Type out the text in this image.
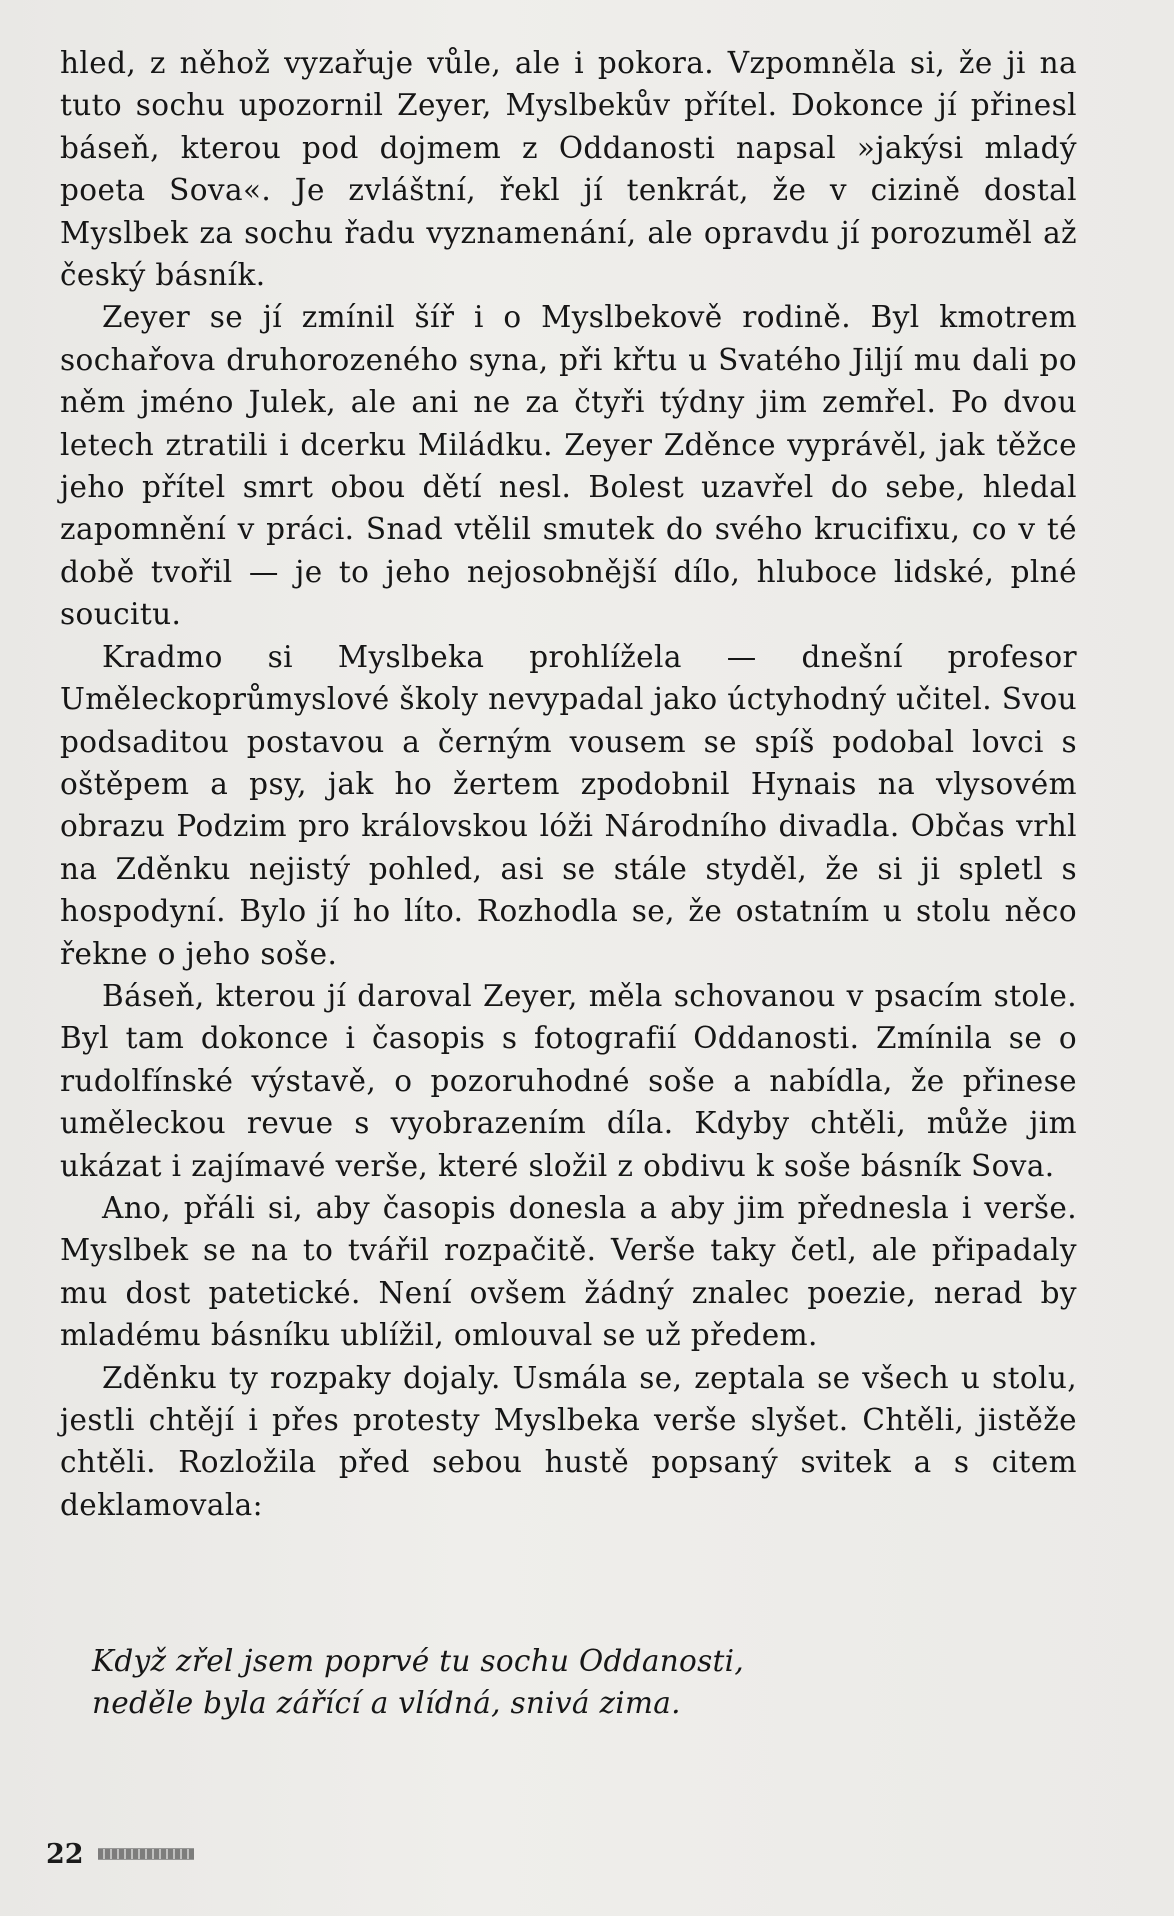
hled, z něhož vyzařuje vůle, ale i pokora. Vzpomněla si, že ji na tuto sochu upozornil Zeyer, Myslbekův přítel. Dokonce jí přinesl báseň, kterou pod dojmem z Oddanosti napsal »jakýsi mladý poeta Sova«. Je zvláštní, řekl jí tenkrát, že v cizině dostal Myslbek za sochu řadu vyznamenání, ale opravdu jí porozuměl až český básník.

Zeyer se jí zmínil šíř i o Myslbekově rodině. Byl kmotrem sochařova druhorozeného syna, při křtu u Svatého Jiljí mu dali po něm jméno Julek, ale ani ne za čtyři týdny jim zemřel. Po dvou letech ztratili i dcerku Miládku. Zeyer Zděnce vyprávěl, jak těžce jeho přítel smrt obou dětí nesl. Bolest uzavřel do sebe, hledal zapomnění v práci. Snad vtělil smutek do svého krucifixu, co v té době tvořil — je to jeho nejosobnější dílo, hluboce lidské, plné soucitu.

Kradmo si Myslbeka prohlížela — dnešní profesor Uměleckoprůmyslové školy nevypadal jako úctyhodný učitel. Svou podsaditou postavou a černým vousem se spíš podobal lovci s oštěpem a psy, jak ho žertem zpodobnil Hynais na vlysovém obrazu Podzim pro královskou lóži Národního divadla. Občas vrhl na Zděnku nejistý pohled, asi se stále styděl, že si ji spletl s hospodyní. Bylo jí ho líto. Rozhodla se, že ostatním u stolu něco řekne o jeho soše.

Báseň, kterou jí daroval Zeyer, měla schovanou v psacím stole. Byl tam dokonce i časopis s fotografií Oddanosti. Zmínila se o rudolfínské výstavě, o pozoruhodné soše a nabídla, že přinese uměleckou revue s vyobrazením díla. Kdyby chtěli, může jim ukázat i zajímavé verše, které složil z obdivu k soše básník Sova.

Ano, přáli si, aby časopis donesla a aby jim přednesla i verše. Myslbek se na to tvářil rozpačitě. Verše taky četl, ale připadaly mu dost patetické. Není ovšem žádný znalec poezie, nerad by mladému básníku ublížil, omlouval se už předem.

Zděnku ty rozpaky dojaly. Usmála se, zeptala se všech u stolu, jestli chtějí i přes protesty Myslbeka verše slyšet. Chtěli, jistěže chtěli. Rozložila před sebou hustě popsaný svitek a s citem deklamovala:

Když zřel jsem poprvé tu sochu Oddanosti,
neděle byla zářící a vlídná, snivá zima.
22
